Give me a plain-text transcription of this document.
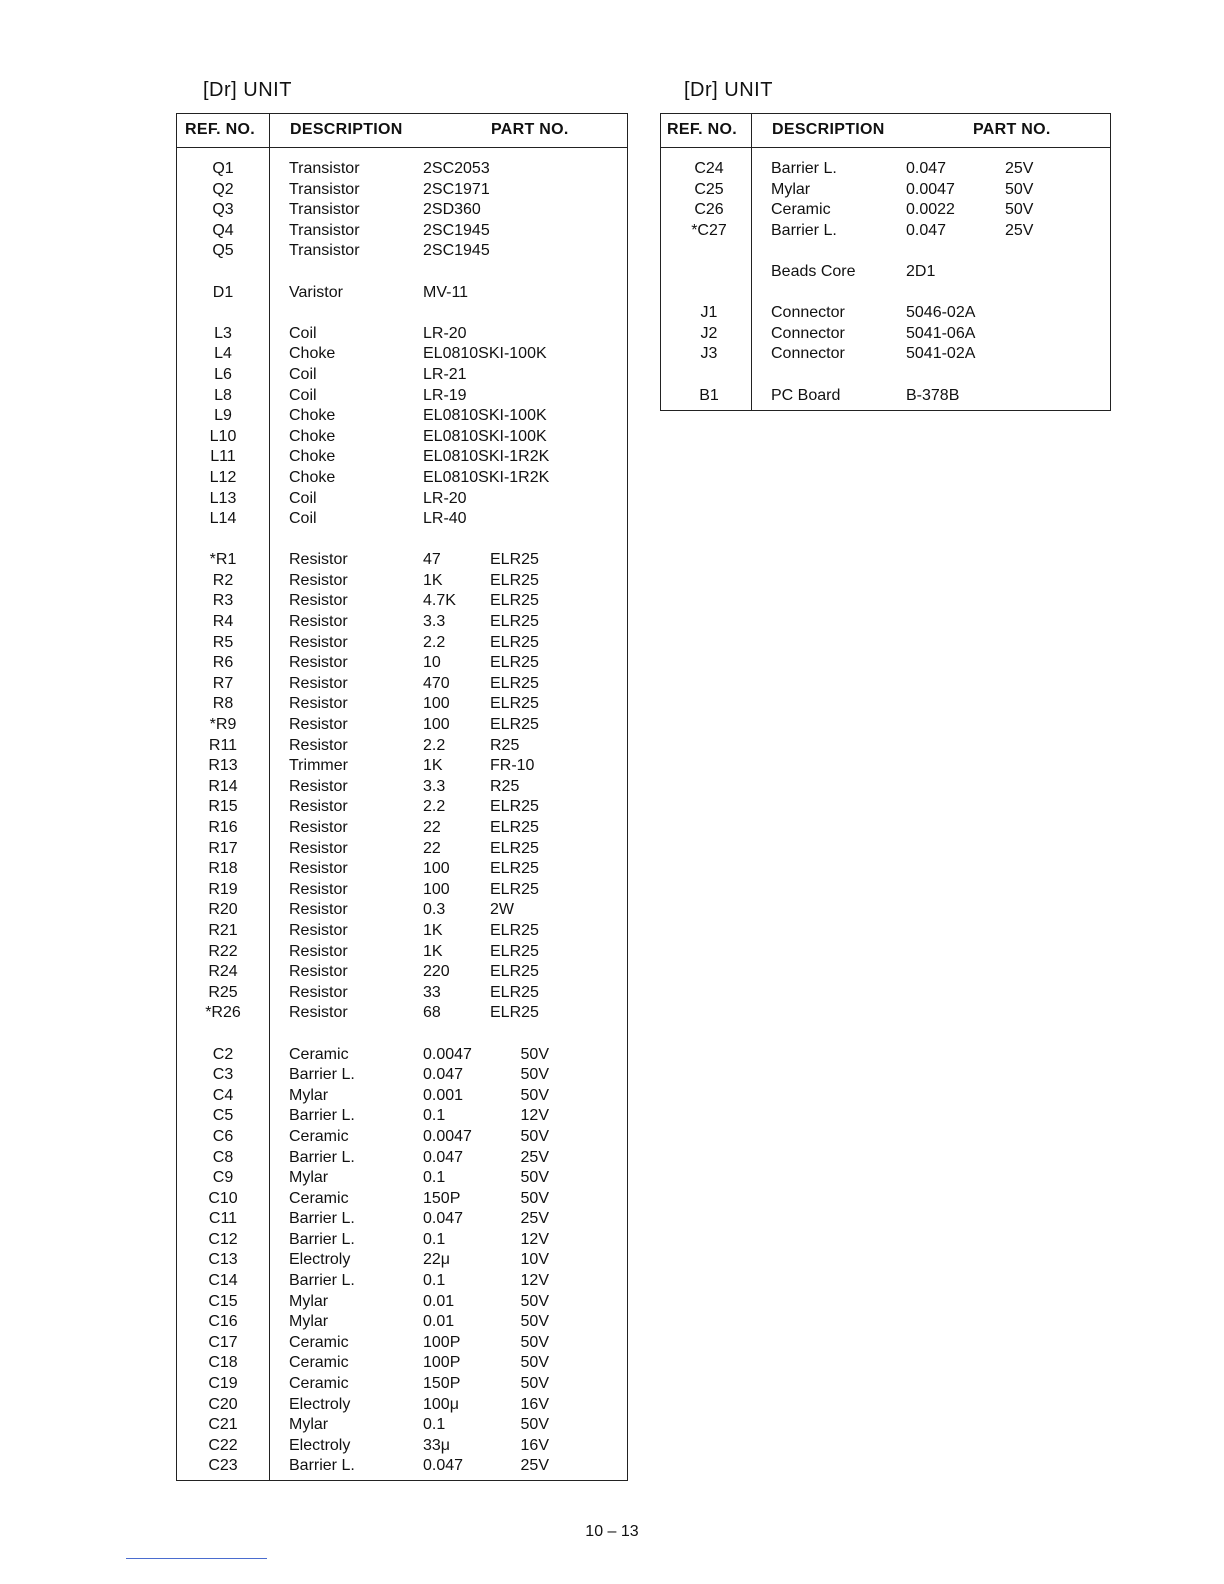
[Dr] UNIT
REF. NO. DESCRIPTION	PART NO.
Q1	Transistor	2SC2053
Q2	Transistor	2SC1971
Q3	Transistor	2SD360
Q4	Transistor	2SC1945
Q5	Transistor	2SC1945
D1	Varistor	MV-11
L3	Coil	LR-20
L4	Choke	EL0810SKI-100K
L6	Coil	LR-21
L8	Coil	LR-19
L9	Choke	EL0810SKI-100K
L10	Choke	EL0810SKI-100K
L11	Choke	EL0810SKI-1R2K
L12	Choke	EL0810SKI-1R2K
L13	Coil	LR-20
L14	Coil	LR-40
*R1	Resistor	47	ELR25
R2	Resistor	1K	ELR25
R3	Resistor	4.7K ELR25
R4	Resistor	3.3	ELR25
R5	Resistor	2.2	ELR25
R6	Resistor	10	ELR25
R7	Resistor	470	ELR25
R8	Resistor	100	ELR25
*R9	Resistor	100	ELR25
R11	Resistor	2.2	R25
R13	Trimmer	1K	FR-10
R14	Resistor	3.3	R25
R15	Resistor	2.2	ELR25
R16	Resistor	22	ELR25
R17	Resistor	22	ELR25
R18	Resistor	100	ELR25
R19	Resistor	100	ELR25
R20	Resistor	0.3	2W
R21	Resistor	1K	ELR25
R22	Resistor	1K	ELR25
R24	Resistor	220	ELR25
R25	Resistor	33	ELR25
*R26	Resistor	68	ELR25
C2	Ceramic	0.0047	50V
C3	Barrier L.	0.047	50V
C4	Mylar	0.001	50V
C5	Barrier L.	0.1	12V
C6	Ceramic	0.0047	50V
C8	Barrier L.	0.047	25V
C9	Mylar	0.1	50V
C10	Ceramic	150P	50V
C11	Barrier L.	0.047	25V
C12	Barrier L.	0.1	12V
C13	Electroly	22μ	10V
C14	Barrier L.	0.1	12V
C15	Mylar	0.01	50V
C16	Mylar	0.01	50V
C17	Ceramic	100P	50V
C18	Ceramic	100P	50V
C19	Ceramic	150P	50V
C20	Electroly	100μ	16V
C21	Mylar	0.1	50V
C22	Electroly	33μ	16V
C23	Barrier L.	0.047	25V
[Dr] UNIT
REF. NO. DESCRIPTION	PART NO.
C24	Barrier L.	0.047	25V
C25	Mylar	0.0047	50V
C26	Ceramic	0.0022	50V
*C27	Barrier L.	0.047	25V
Beads Core	2D1
J1	Connector	5046-02A
J2	Connector	5041-06A
J3	Connector	5041-02A
B1	PC Board	B-378B
10 – 13
